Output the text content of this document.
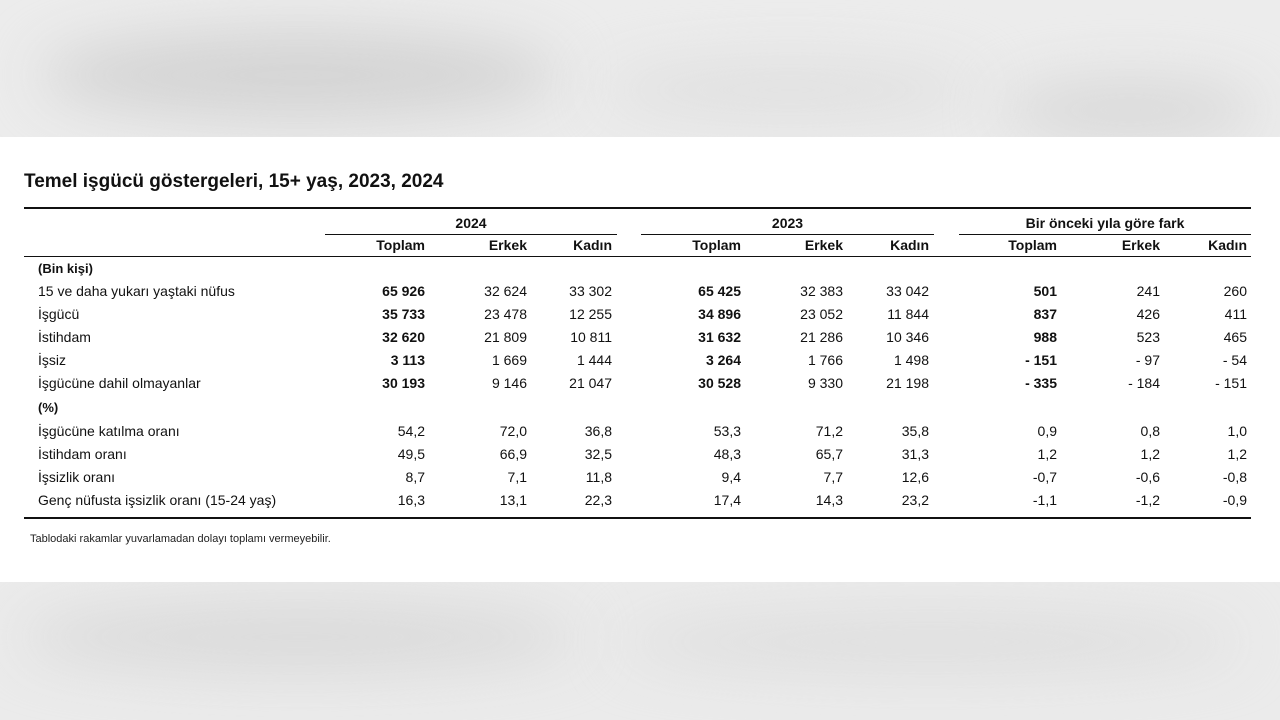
Temel işgücü göstergeleri, 15+ yaş, 2023, 2024
Tablodaki rakamlar yuvarlamadan dolayı toplamı vermeyebilir.
2024	2023	Bir önceki yıla göre fark
Toplam	Erkek	Kadın	Toplam	Erkek	Kadın	Toplam	Erkek	Kadın
(Bin kişi)
15 ve daha yukarı yaştaki nüfus	65 926	32 624	33 302	65 425	32 383	33 042	501	241	260
İşgücü	35 733	23 478	12 255	34 896	23 052	11 844	837	426	411
İstihdam	32 620	21 809	10 811	31 632	21 286	10 346	988	523	465
İşsiz	3 113	1 669	1 444	3 264	1 766	1 498	- 151	- 97	- 54
İşgücüne dahil olmayanlar	30 193	9 146	21 047	30 528	9 330	21 198	- 335	- 184	- 151
(%)
İşgücüne katılma oranı	54,2	72,0	36,8	53,3	71,2	35,8	0,9	0,8	1,0
İstihdam oranı	49,5	66,9	32,5	48,3	65,7	31,3	1,2	1,2	1,2
İşsizlik oranı	8,7	7,1	11,8	9,4	7,7	12,6	-0,7	-0,6	-0,8
Genç nüfusta işsizlik oranı (15-24 yaş)	16,3	13,1	22,3	17,4	14,3	23,2	-1,1	-1,2	-0,9
